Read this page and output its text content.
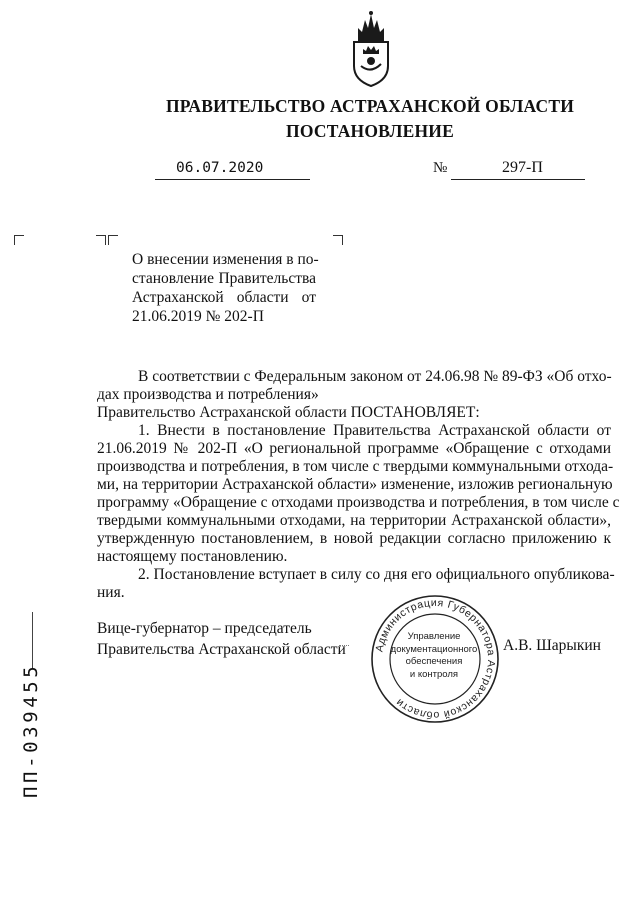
ПРАВИТЕЛЬСТВО АСТРАХАНСКОЙ ОБЛАСТИ
ПОСТАНОВЛЕНИЕ
06.07.2020	№	297-П
О внесении изменения в по-
становление Правительства
Астраханской области от
21.06.2019 № 202-П
В соответствии с Федеральным законом от 24.06.98 № 89-ФЗ «Об отхо-
дах производства и потребления»
Правительство Астраханской области ПОСТАНОВЛЯЕТ:
1. Внести в постановление Правительства Астраханской области от
21.06.2019 № 202-П «О региональной программе «Обращение с отходами
производства и потребления, в том числе с твердыми коммунальными отхода-
ми, на территории Астраханской области» изменение, изложив региональную
программу «Обращение с отходами производства и потребления, в том числе с
твердыми коммунальными отходами, на территории Астраханской области»,
утвержденную постановлением, в новой редакции согласно приложению к
настоящему постановлению.
2. Постановление вступает в силу со дня его официального опубликова-
ния.
Вице-губернатор – председатель
Правительства Астраханской области	А.В. Шарыкин
Администрация Губернатора Астраханской области
Управление
документационного
обеспечения
и контроля
ПП-039455
